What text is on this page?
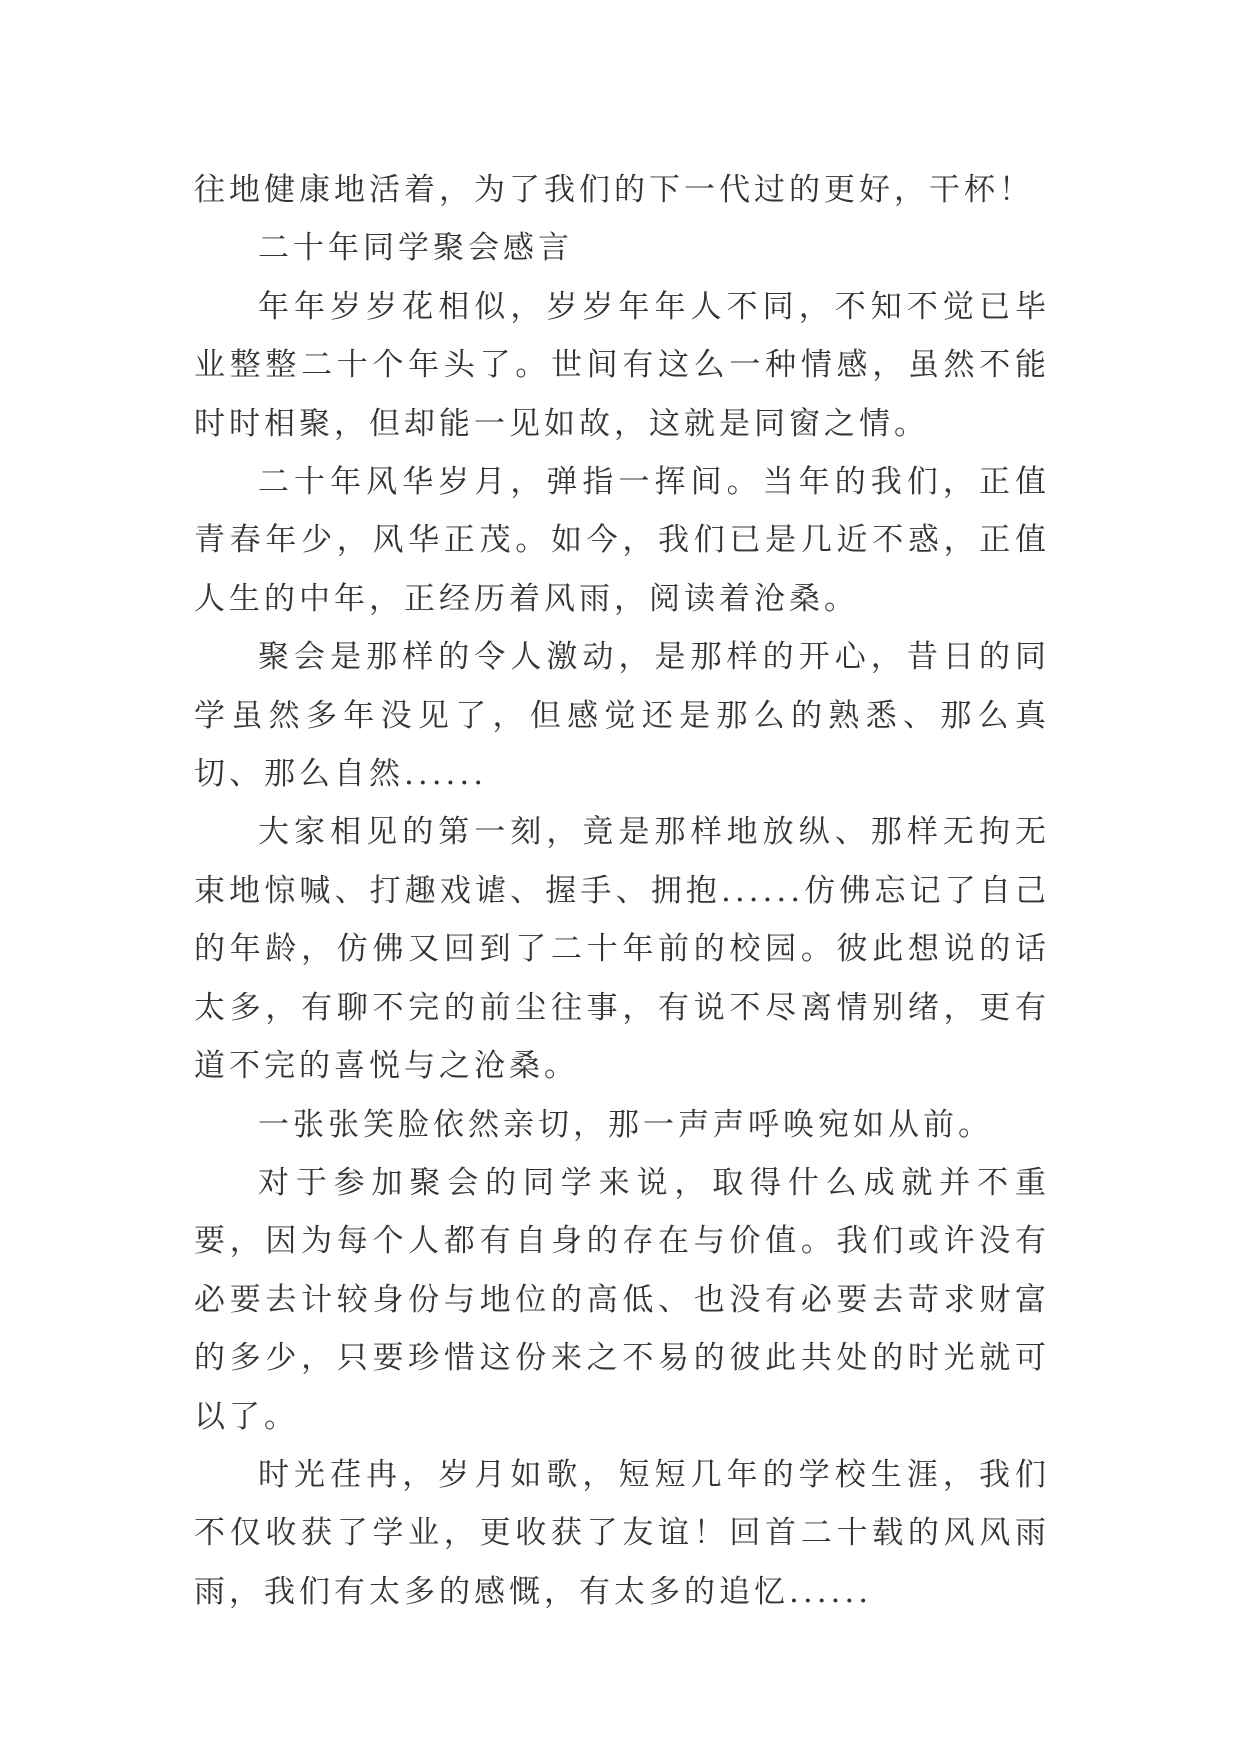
往地健康地活着，为了我们的下一代过的更好，干杯！

二十年同学聚会感言

年年岁岁花相似，岁岁年年人不同，不知不觉已毕业整整二十个年头了。世间有这么一种情感，虽然不能时时相聚，但却能一见如故，这就是同窗之情。

二十年风华岁月，弹指一挥间。当年的我们，正值青春年少，风华正茂。如今，我们已是几近不惑，正值人生的中年，正经历着风雨，阅读着沧桑。

聚会是那样的令人激动，是那样的开心，昔日的同学虽然多年没见了，但感觉还是那么的熟悉、那么真切、那么自然......

大家相见的第一刻，竟是那样地放纵、那样无拘无束地惊喊、打趣戏谑、握手、拥抱......仿佛忘记了自己的年龄，仿佛又回到了二十年前的校园。彼此想说的话太多，有聊不完的前尘往事，有说不尽离情别绪，更有道不完的喜悦与之沧桑。

一张张笑脸依然亲切，那一声声呼唤宛如从前。

对于参加聚会的同学来说，取得什么成就并不重要，因为每个人都有自身的存在与价值。我们或许没有必要去计较身份与地位的高低、也没有必要去苛求财富的多少，只要珍惜这份来之不易的彼此共处的时光就可以了。

时光荏冉，岁月如歌，短短几年的学校生涯，我们不仅收获了学业，更收获了友谊！回首二十载的风风雨雨，我们有太多的感慨，有太多的追忆......
